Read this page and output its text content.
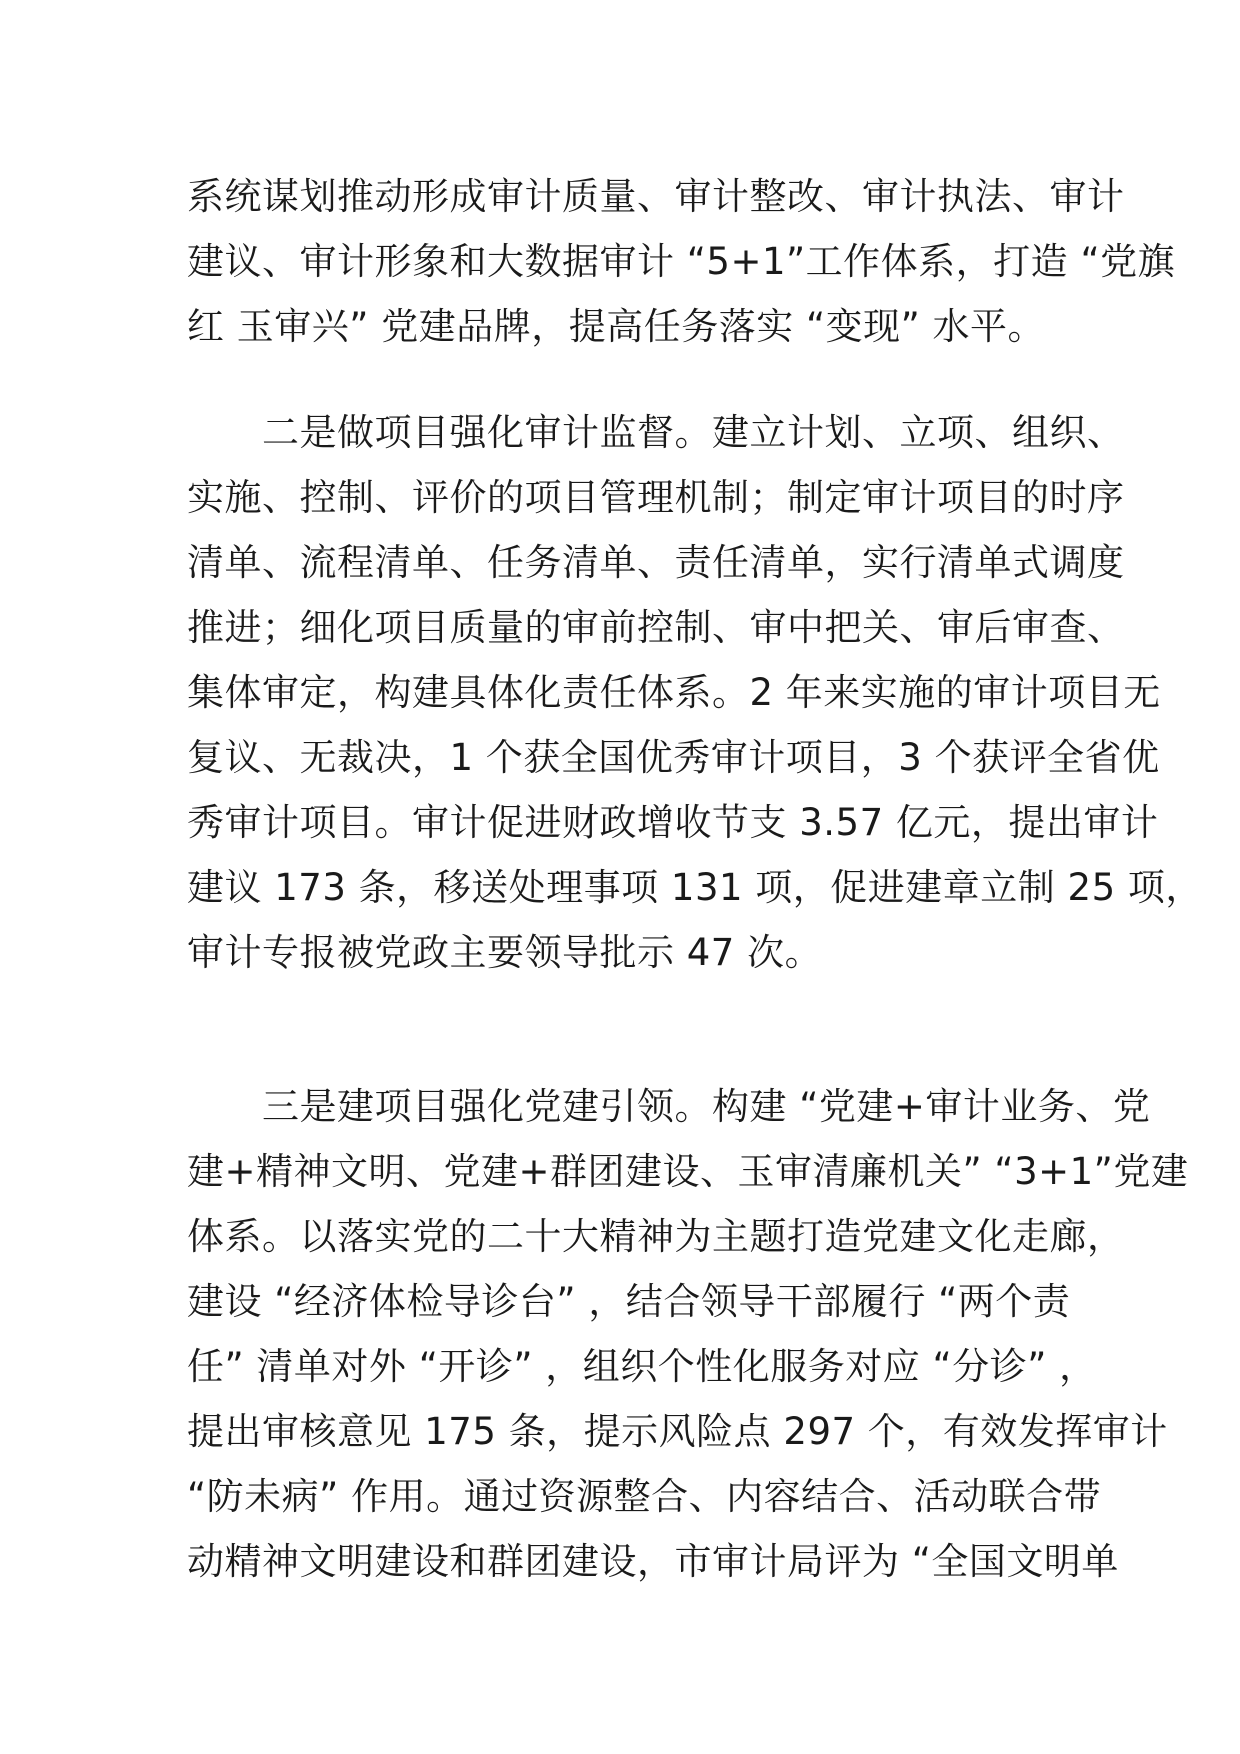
系统谋划推动形成审计质量、审计整改、审计执法、审计
建议、审计形象和大数据审计 “5+1”工作体系，打造 “党旗
红 玉审兴” 党建品牌，提高任务落实 “变现” 水平。
　　二是做项目强化审计监督。建立计划、立项、组织、
实施、控制、评价的项目管理机制；制定审计项目的时序
清单、流程清单、任务清单、责任清单，实行清单式调度
推进；细化项目质量的审前控制、审中把关、审后审查、
集体审定，构建具体化责任体系。2 年来实施的审计项目无
复议、无裁决，1 个获全国优秀审计项目，3 个获评全省优
秀审计项目。审计促进财政增收节支 3.57 亿元，提出审计
建议 173 条，移送处理事项 131 项，促进建章立制 25 项，
审计专报被党政主要领导批示 47 次。
　　三是建项目强化党建引领。构建 “党建+审计业务、党
建+精神文明、党建+群团建设、玉审清廉机关” “3+1”党建
体系。以落实党的二十大精神为主题打造党建文化走廊，
建设 “经济体检导诊台” ，结合领导干部履行 “两个责
任” 清单对外 “开诊” ，组织个性化服务对应 “分诊” ，
提出审核意见 175 条，提示风险点 297 个，有效发挥审计
“防未病” 作用。通过资源整合、内容结合、活动联合带
动精神文明建设和群团建设，市审计局评为 “全国文明单
